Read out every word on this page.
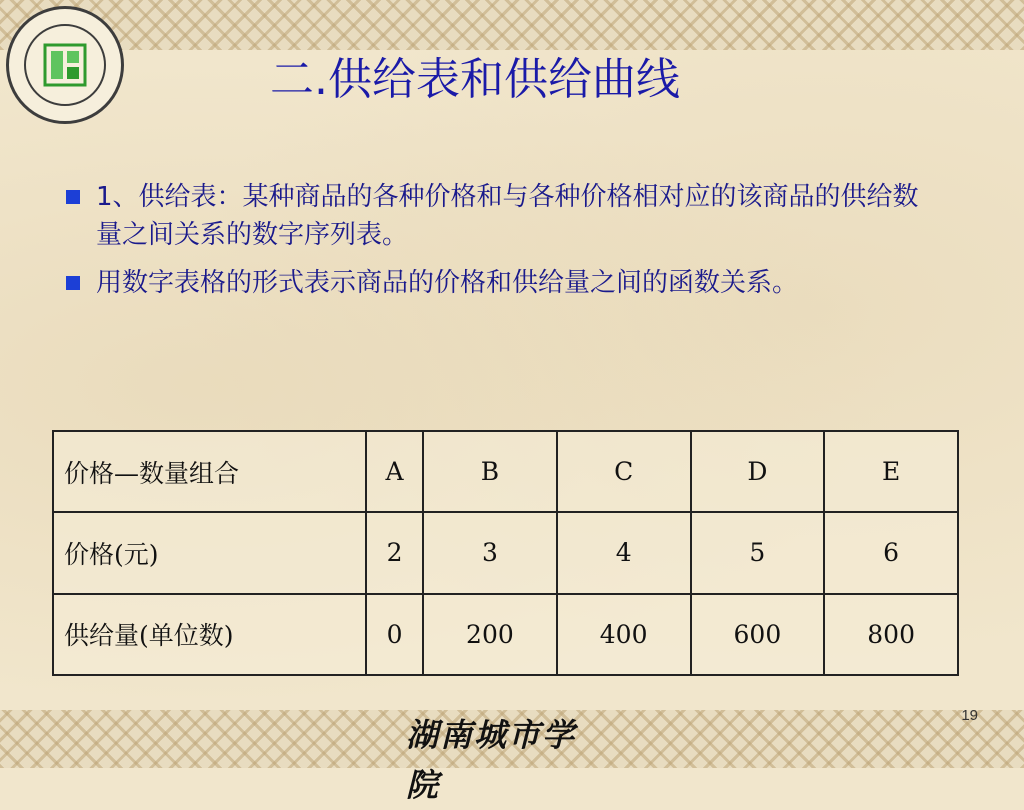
二.供给表和供给曲线
1、供给表：某种商品的各种价格和与各种价格相对应的该商品的供给数量之间关系的数字序列表。
用数字表格的形式表示商品的价格和供给量之间的函数关系。
价格—数量组合	A	B	C	D	E
价格(元)	2	3	4	5	6
供给量(单位数)	0	200	400	600	800
湖南城市学院
19
